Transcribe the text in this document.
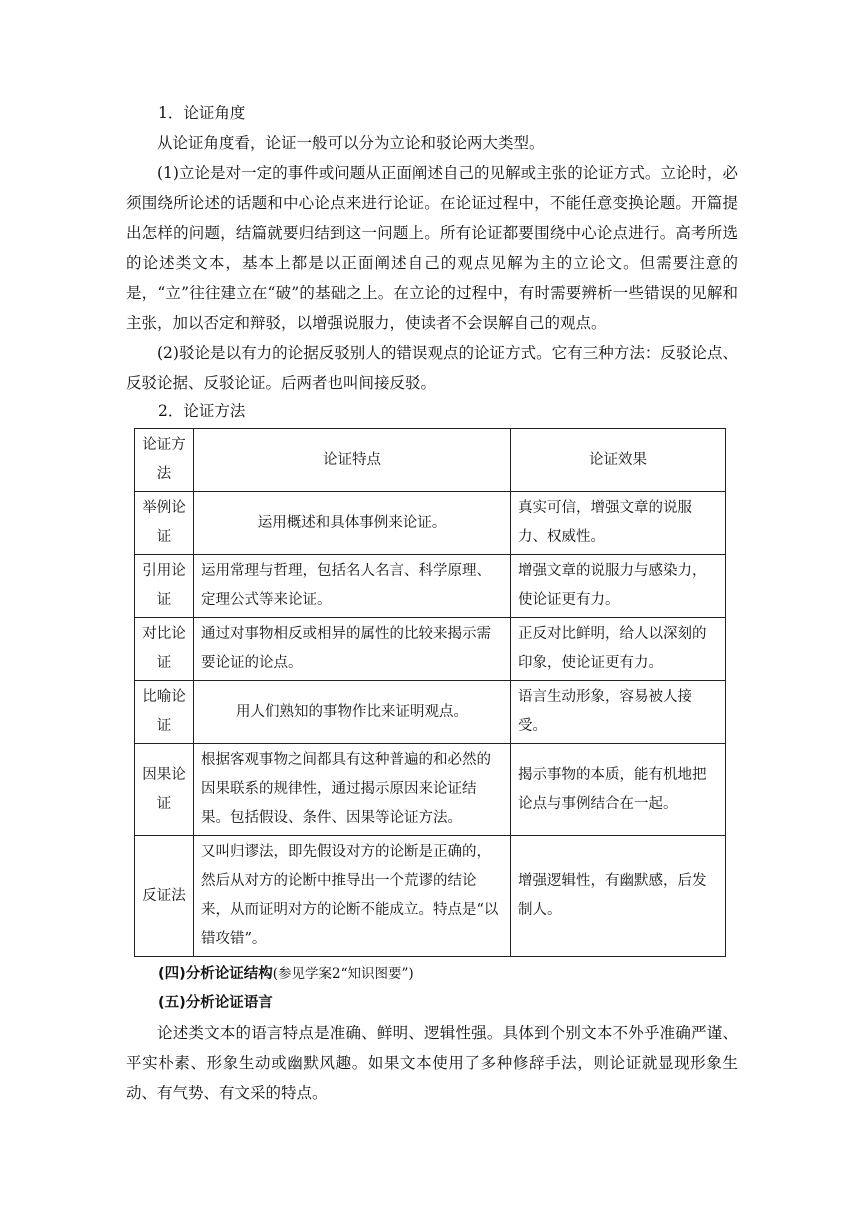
1．论证角度

从论证角度看，论证一般可以分为立论和驳论两大类型。

(1)立论是对一定的事件或问题从正面阐述自己的见解或主张的论证方式。立论时，必须围绕所论述的话题和中心论点来进行论证。在论证过程中，不能任意变换论题。开篇提出怎样的问题，结篇就要归结到这一问题上。所有论证都要围绕中心论点进行。高考所选的论述类文本，基本上都是以正面阐述自己的观点见解为主的立论文。但需要注意的是，“立”往往建立在“破”的基础之上。在立论的过程中，有时需要辨析一些错误的见解和主张，加以否定和辩驳，以增强说服力，使读者不会误解自己的观点。

(2)驳论是以有力的论据反驳别人的错误观点的论证方式。它有三种方法：反驳论点、反驳论据、反驳论证。后两者也叫间接反驳。

2．论证方法

论证方法	论证特点	论证效果
举例论证	运用概述和具体事例来论证。	真实可信，增强文章的说服力、权威性。
引用论证	运用常理与哲理，包括名人名言、科学原理、定理公式等来论证。	增强文章的说服力与感染力，使论证更有力。
对比论证	通过对事物相反或相异的属性的比较来揭示需要论证的论点。	正反对比鲜明，给人以深刻的印象，使论证更有力。
比喻论证	用人们熟知的事物作比来证明观点。	语言生动形象，容易被人接受。
因果论证	根据客观事物之间都具有这种普遍的和必然的因果联系的规律性，通过揭示原因来论证结果。包括假设、条件、因果等论证方法。	揭示事物的本质，能有机地把论点与事例结合在一起。
反证法	又叫归谬法，即先假设对方的论断是正确的，然后从对方的论断中推导出一个荒谬的结论来，从而证明对方的论断不能成立。特点是“以错攻错”。	增强逻辑性，有幽默感，后发制人。

(四)分析论证结构(参见学案2“知识图要”)

(五)分析论证语言

论述类文本的语言特点是准确、鲜明、逻辑性强。具体到个别文本不外乎准确严谨、平实朴素、形象生动或幽默风趣。如果文本使用了多种修辞手法，则论证就显现形象生动、有气势、有文采的特点。
